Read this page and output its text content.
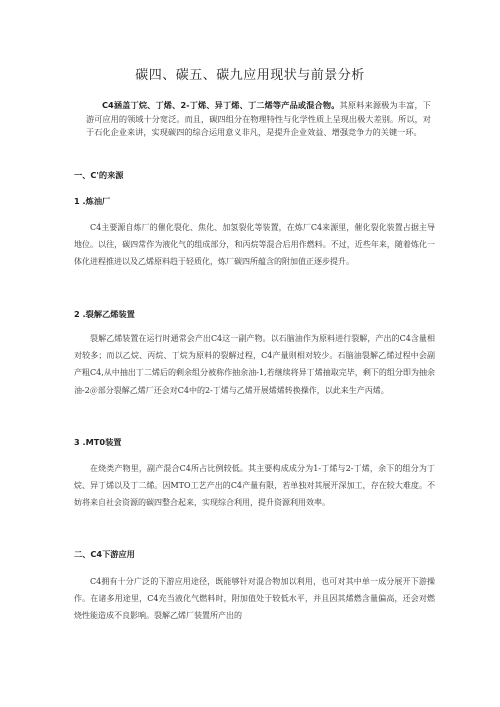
碳四、碳五、碳九应用现状与前景分析
C4涵盖丁烷、丁烯、2-丁烯、异丁烯、丁二烯等产品或混合物。其原料来源极为丰富，下游可应用的领域十分宽泛。而且，碳四组分在物理特性与化学性质上呈现出极大差别。所以，对于石化企业来讲，实现碳四的综合运用意义非凡，是提升企业效益、增强竞争力的关键一环。
一、C'的来源
1 .炼油厂
C4主要源自炼厂的催化裂化、焦化、加氢裂化等装置，在炼厂C4来源里，催化裂化装置占据主导地位。以往，碳四常作为液化气的组成部分，和丙烷等混合后用作燃料。不过，近些年来，随着炼化一体化进程推进以及乙烯原料趋于轻质化，炼厂碳四所蕴含的附加值正逐步提升。
2 .裂解乙烯装置
裂解乙烯装置在运行时通常会产出C4这一副产物。以石脑油作为原料进行裂解，产出的C4含量相对较多；而以乙烷、丙烷、丁烷为原料的裂解过程，C4产量则相对较少。石脑油裂解乙烯过程中会副产粗C4,从中抽出丁二烯后的剩余组分被称作抽余油-1,若继续将异丁烯抽取完毕，剩下的组分即为抽余油-2＠部分裂解乙烯厂还会对C4中的2-丁烯与乙烯开展烯烯转换操作，以此来生产丙烯。
3 .MT0装置
在烧类产物里，副产混合C4所占比例较低。其主要构成成分为1-丁烯与2-丁烯，余下的组分为丁烷、异丁烯以及丁二烯。因MTO工艺产出的C4产量有限，若单独对其展开深加工，存在较大难度。不妨将来自社会资源的碳四整合起来，实现综合利用，提升资源利用效率。
二、C4下游应用
C4拥有十分广泛的下游应用途径，既能够针对混合物加以利用，也可对其中单一成分展开下游操作。在诸多用途里，C4充当液化气燃料时，附加值处于较低水平，并且因其烯燃含量偏高，还会对燃烧性能造成不良影响。裂解乙烯厂装置所产出的
